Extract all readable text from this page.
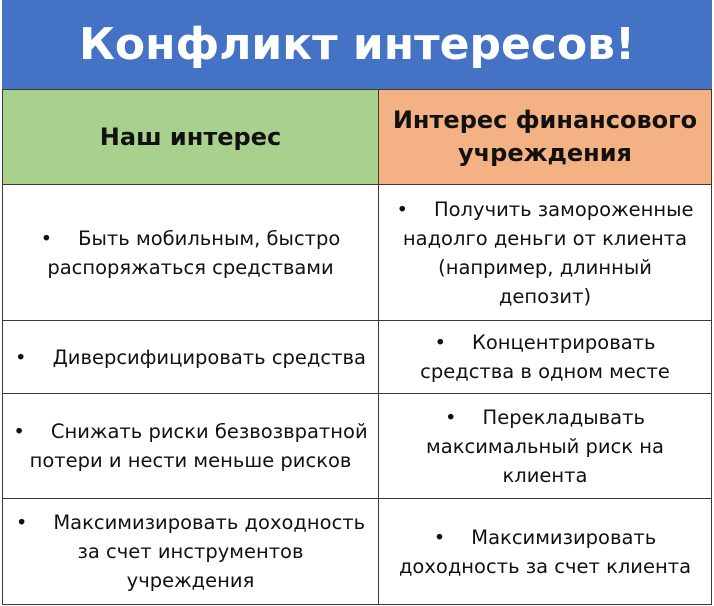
Конфликт интересов!
Наш интерес	Интерес финансового учреждения
• Быть мобильным, быстро распоряжаться средствами	• Получить замороженные надолго деньги от клиента (например, длинный депозит)
• Диверсифицировать средства	• Концентрировать средства в одном месте
• Снижать риски безвозвратной потери и нести меньше рисков	• Перекладывать максимальный риск на клиента
• Максимизировать доходность за счет инструментов учреждения	• Максимизировать доходность за счет клиента
